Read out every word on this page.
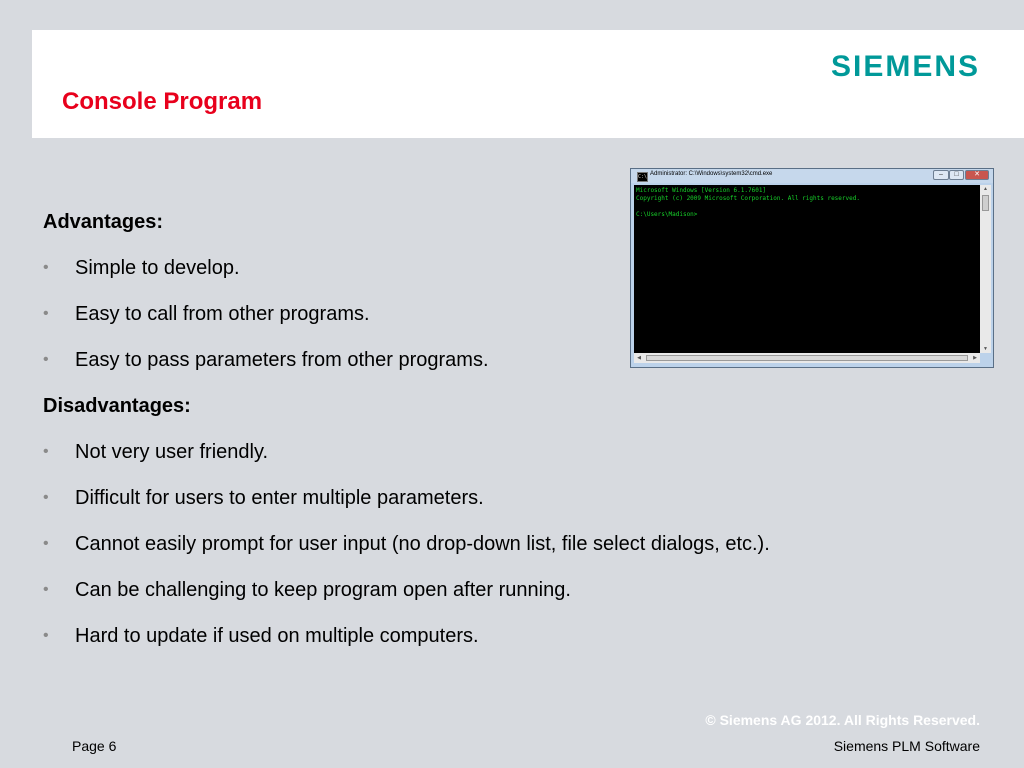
Console Program
SIEMENS
Advantages:
• Simple to develop.
• Easy to call from other programs.
• Easy to pass parameters from other programs.
Disadvantages:
• Not very user friendly.
• Difficult for users to enter multiple parameters.
• Cannot easily prompt for user input (no drop-down list, file select dialogs, etc.).
• Can be challenging to keep program open after running.
• Hard to update if used on multiple computers.
C:\ Administrator: C:\Windows\system32\cmd.exe	–	□	✕
Microsoft Windows [Version 6.1.7601]
Copyright (c) 2009 Microsoft Corporation. All rights reserved.
C:\Users\Madison>
▲
▼
◀	▶
© Siemens AG 2012. All Rights Reserved.
Page 6	Siemens PLM Software
